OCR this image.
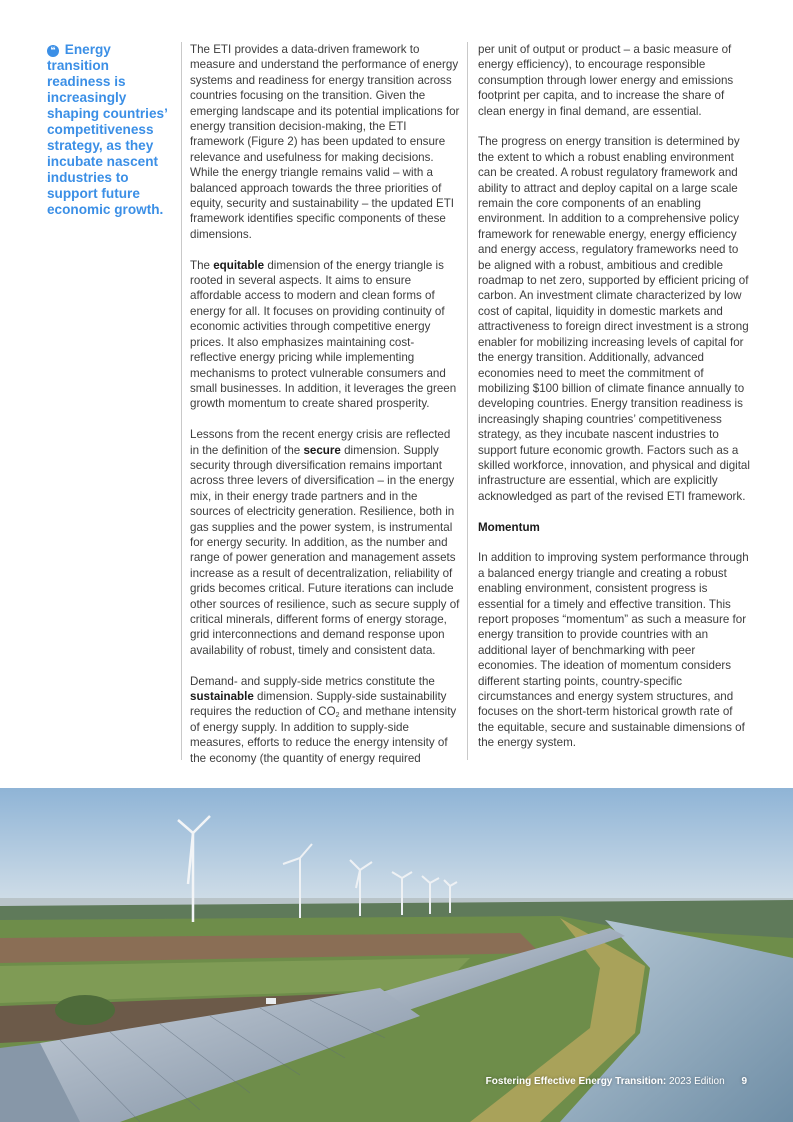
❝ Energy transition readiness is increasingly shaping countries’ competitiveness strategy, as they incubate nascent industries to support future economic growth.

The ETI provides a data-driven framework to measure and understand the performance of energy systems and readiness for energy transition across countries focusing on the transition. Given the emerging landscape and its potential implications for energy transition decision-making, the ETI framework (Figure 2) has been updated to ensure relevance and usefulness for making decisions. While the energy triangle remains valid – with a balanced approach towards the three priorities of equity, security and sustainability – the updated ETI framework identifies specific components of these dimensions.

The equitable dimension of the energy triangle is rooted in several aspects. It aims to ensure affordable access to modern and clean forms of energy for all. It focuses on providing continuity of economic activities through competitive energy prices. It also emphasizes maintaining cost-reflective energy pricing while implementing mechanisms to protect vulnerable consumers and small businesses. In addition, it leverages the green growth momentum to create shared prosperity.

Lessons from the recent energy crisis are reflected in the definition of the secure dimension. Supply security through diversification remains important across three levers of diversification – in the energy mix, in their energy trade partners and in the sources of electricity generation. Resilience, both in gas supplies and the power system, is instrumental for energy security. In addition, as the number and range of power generation and management assets increase as a result of decentralization, reliability of grids becomes critical. Future iterations can include other sources of resilience, such as secure supply of critical minerals, different forms of energy storage, grid interconnections and demand response upon availability of robust, timely and consistent data.

Demand- and supply-side metrics constitute the sustainable dimension. Supply-side sustainability requires the reduction of $CO_2$ and methane intensity of energy supply. In addition to supply-side measures, efforts to reduce the energy intensity of the economy (the quantity of energy required

per unit of output or product – a basic measure of energy efficiency), to encourage responsible consumption through lower energy and emissions footprint per capita, and to increase the share of clean energy in final demand, are essential.

The progress on energy transition is determined by the extent to which a robust enabling environment can be created. A robust regulatory framework and ability to attract and deploy capital on a large scale remain the core components of an enabling environment. In addition to a comprehensive policy framework for renewable energy, energy efficiency and energy access, regulatory frameworks need to be aligned with a robust, ambitious and credible roadmap to net zero, supported by efficient pricing of carbon. An investment climate characterized by low cost of capital, liquidity in domestic markets and attractiveness to foreign direct investment is a strong enabler for mobilizing increasing levels of capital for the energy transition. Additionally, advanced economies need to meet the commitment of mobilizing $100 billion of climate finance annually to developing countries. Energy transition readiness is increasingly shaping countries’ competitiveness strategy, as they incubate nascent industries to support future economic growth. Factors such as a skilled workforce, innovation, and physical and digital infrastructure are essential, which are explicitly acknowledged as part of the revised ETI framework.

Momentum

In addition to improving system performance through a balanced energy triangle and creating a robust enabling environment, consistent progress is essential for a timely and effective transition. This report proposes “momentum” as such a measure for energy transition to provide countries with an additional layer of benchmarking with peer economies. The ideation of momentum considers different starting points, country-specific circumstances and energy system structures, and focuses on the short-term historical growth rate of the equitable, secure and sustainable dimensions of the energy system.

Fostering Effective Energy Transition: 2023 Edition 9
